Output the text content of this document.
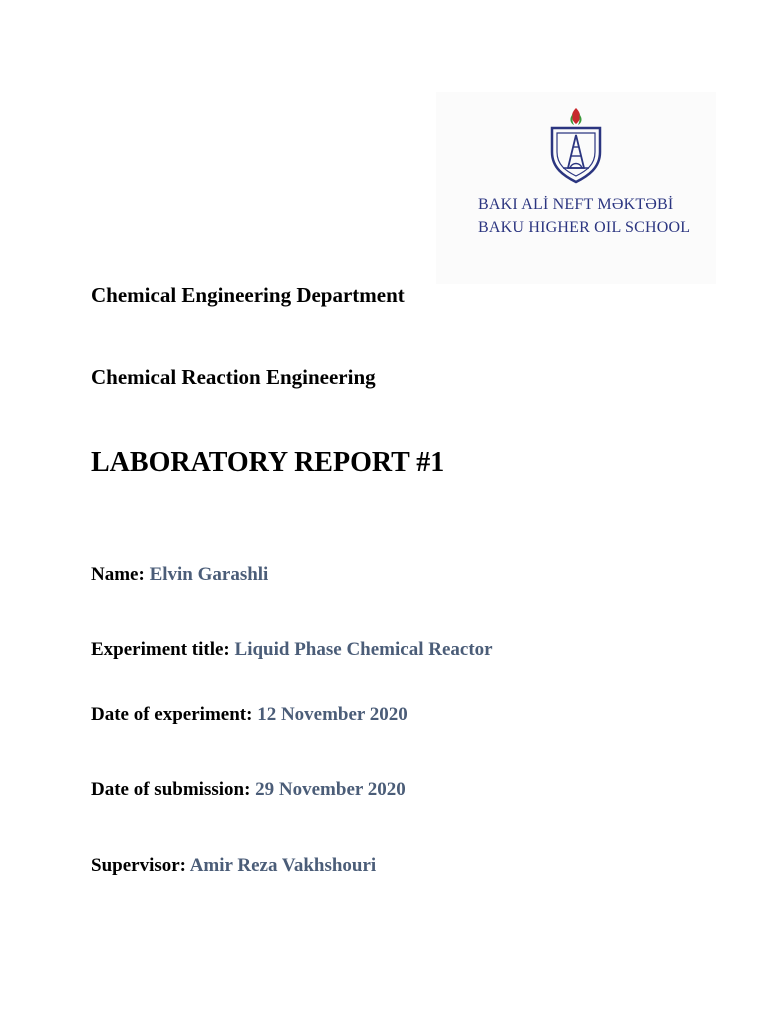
BAKI ALİ NEFT MƏKTƏBİ
BAKU HIGHER OIL SCHOOL
Chemical Engineering Department
Chemical Reaction Engineering
LABORATORY REPORT #1
Name: Elvin Garashli
Experiment title: Liquid Phase Chemical Reactor
Date of experiment: 12 November 2020
Date of submission: 29 November 2020
Supervisor: Amir Reza Vakhshouri
